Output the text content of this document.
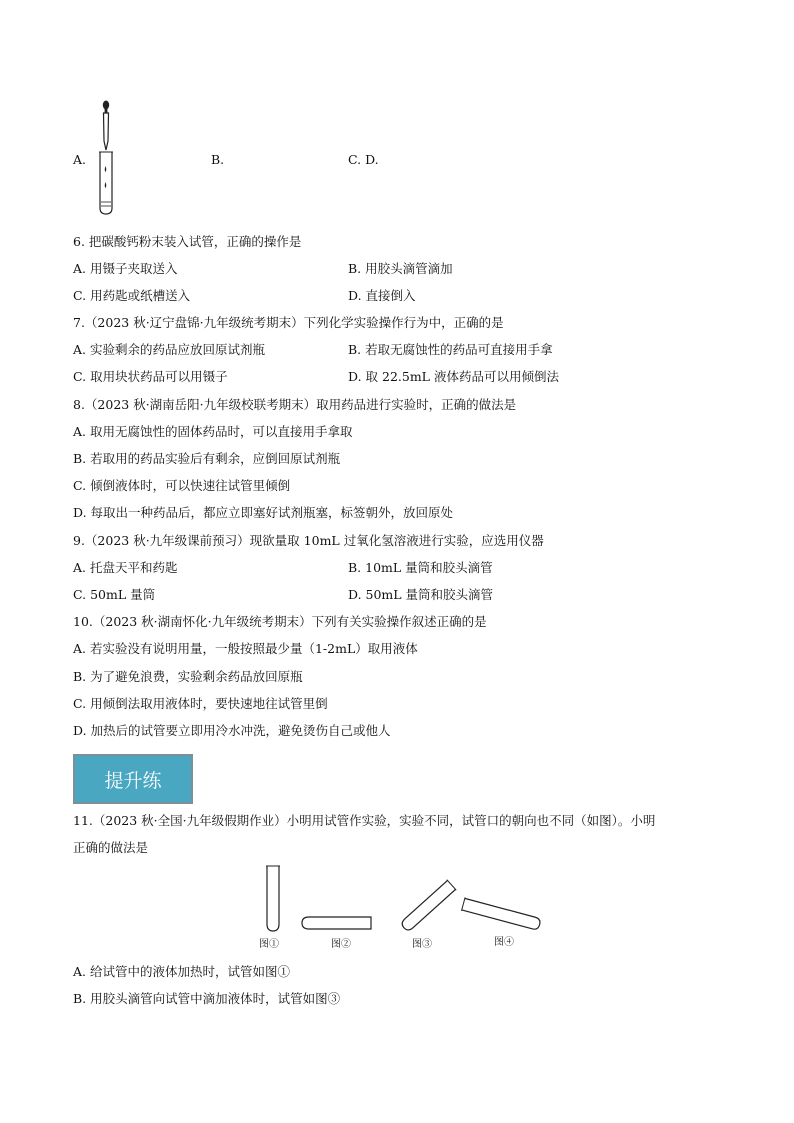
A.	B.	C. D.
6. 把碳酸钙粉末装入试管，正确的操作是
A. 用镊子夹取送入	B. 用胶头滴管滴加
C. 用药匙或纸槽送入	D. 直接倒入
7.（2023 秋·辽宁盘锦·九年级统考期末）下列化学实验操作行为中，正确的是
A. 实验剩余的药品应放回原试剂瓶	B. 若取无腐蚀性的药品可直接用手拿
C. 取用块状药品可以用镊子	D. 取 22.5mL 液体药品可以用倾倒法
8.（2023 秋·湖南岳阳·九年级校联考期末）取用药品进行实验时，正确的做法是
A. 取用无腐蚀性的固体药品时，可以直接用手拿取
B. 若取用的药品实验后有剩余，应倒回原试剂瓶
C. 倾倒液体时，可以快速往试管里倾倒
D. 每取出一种药品后，都应立即塞好试剂瓶塞，标签朝外，放回原处
9.（2023 秋·九年级课前预习）现欲量取 10mL 过氧化氢溶液进行实验，应选用仪器
A. 托盘天平和药匙	B. 10mL 量筒和胶头滴管
C. 50mL 量筒	D. 50mL 量筒和胶头滴管
10.（2023 秋·湖南怀化·九年级统考期末）下列有关实验操作叙述正确的是
A. 若实验没有说明用量，一般按照最少量（1-2mL）取用液体
B. 为了避免浪费，实验剩余药品放回原瓶
C. 用倾倒法取用液体时，要快速地往试管里倒
D. 加热后的试管要立即用冷水冲洗，避免烫伤自己或他人
提升练
11.（2023 秋·全国·九年级假期作业）小明用试管作实验，实验不同，试管口的朝向也不同（如图）。小明
正确的做法是
图①	图②	图③	图④
A. 给试管中的液体加热时，试管如图①
B. 用胶头滴管向试管中滴加液体时，试管如图③
